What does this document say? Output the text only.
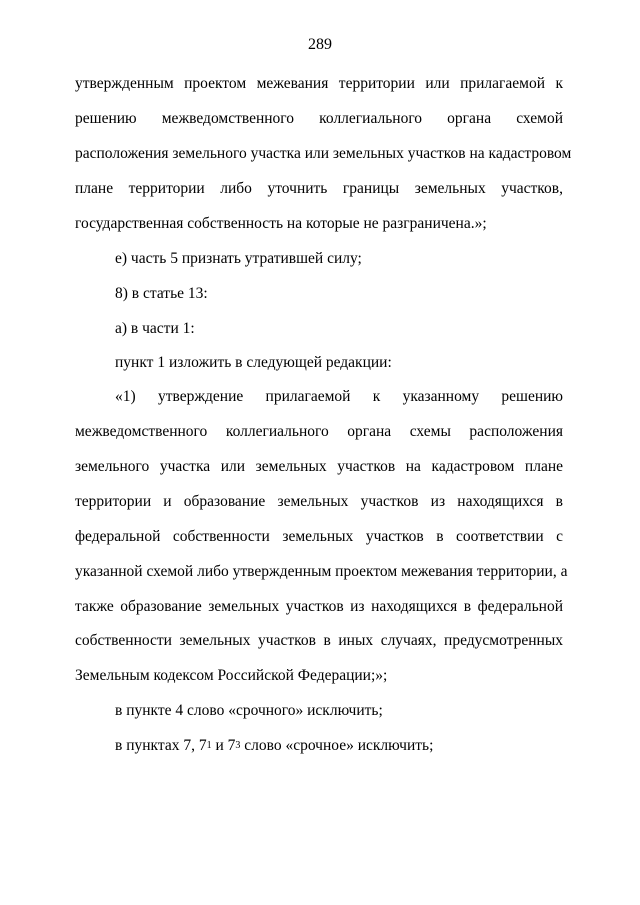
289
утвержденным проектом межевания территории или прилагаемой к
решению межведомственного коллегиального органа схемой
расположения земельного участка или земельных участков на кадастровом
плане территории либо уточнить границы земельных участков,
государственная собственность на которые не разграничена.»;
е) часть 5 признать утратившей силу;
8) в статье 13:
а) в части 1:
пункт 1 изложить в следующей редакции:
«1) утверждение прилагаемой к указанному решению
межведомственного коллегиального органа схемы расположения
земельного участка или земельных участков на кадастровом плане
территории и образование земельных участков из находящихся в
федеральной собственности земельных участков в соответствии с
указанной схемой либо утвержденным проектом межевания территории, а
также образование земельных участков из находящихся в федеральной
собственности земельных участков в иных случаях, предусмотренных
Земельным кодексом Российской Федерации;»;
в пункте 4 слово «срочного» исключить;
в пунктах 7, $7^1$ и $7^3$ слово «срочное» исключить;
